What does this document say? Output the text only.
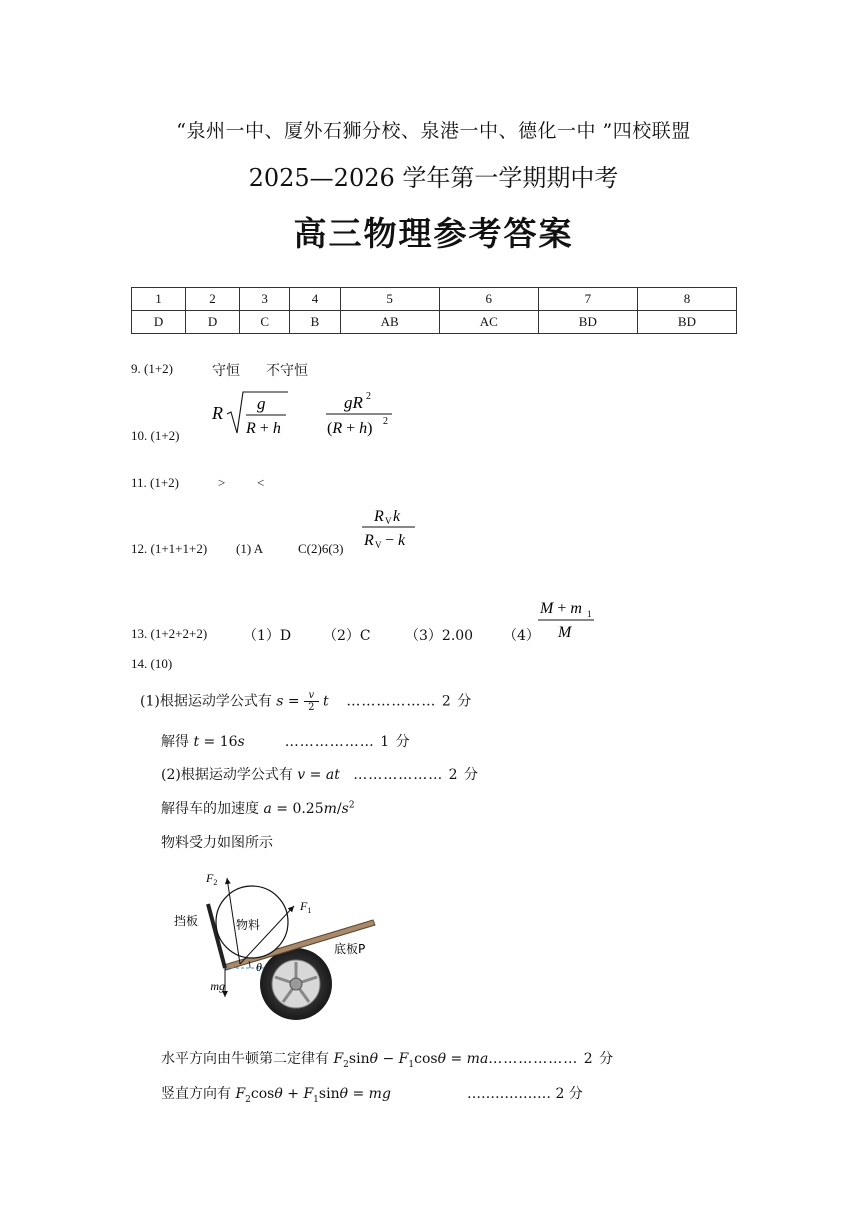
“泉州一中、厦外石狮分校、泉港一中、德化一中 ”四校联盟
2025—2026 学年第一学期期中考
高三物理参考答案
1	2	3	4	5	6	7	8
D	D	C	B	AB	AC	BD	BD
9. (1+2)	守恒 不守恒
10. (1+2)
R g
R + h
gR 2
(R + h) 2
11. (1+2)	> <
12. (1+1+1+2) (1) A	C(2)6(3)
R V k
R V − k
13. (1+2+2+2)	（1）D （2）C （3）2.00 （4）
M + m 1
M
14. (10)
(1)根据运动学公式有 $s = \frac{v}{2}$ t ……………… 2 分
解得 t = 16s	……………… 1 分
(2)根据运动学公式有 v = at ……………… 2 分
解得车的加速度 $a = 0.25m/s^2$
物料受力如图所示
$F_2$
$F_1$
挡板	物料
底板P
θ
mg
水平方向由牛顿第二定律有 $F_2\sin\theta - F_1\cos\theta$ = ma……………… 2 分
竖直方向有 $F_2\cos\theta + F_1\sin\theta$ = mg	……………… 2 分
